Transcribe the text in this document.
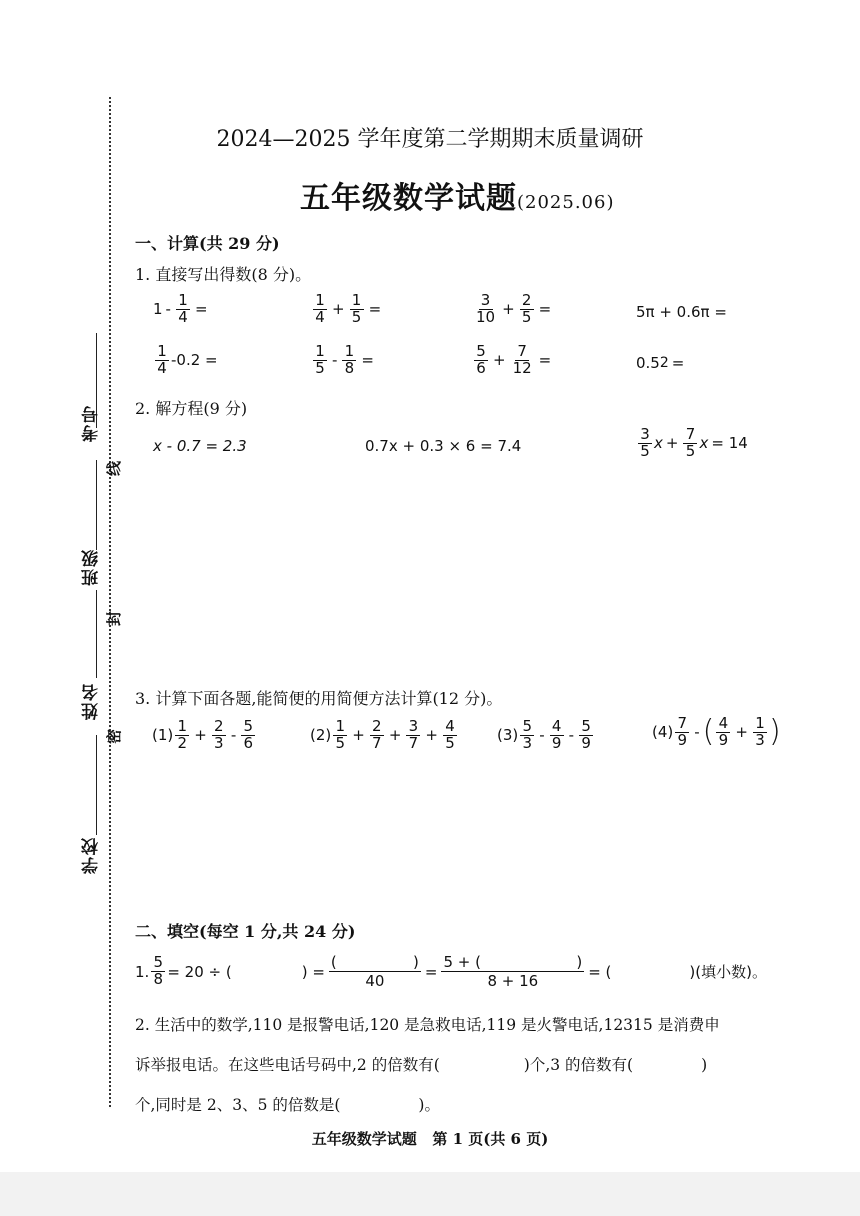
考号
线
班级
封
姓名
密
学校
2024—2025 学年度第二学期期末质量调研
五年级数学试题(2025.06)
一、计算(共 29 分)
1. 直接写出得数(8 分)。
$1 - \frac{1}{4}$ =	$\frac{1}{4} + \frac{1}{5}$ =	$\frac{3}{10} + \frac{2}{5}$ =	5π + 0.6π =
$\frac{1}{4} -0.2$ =	$\frac{1}{5} - \frac{1}{8}$ =	$\frac{5}{6} + \frac{7}{12}$ =	0.5 2 =
2. 解方程(9 分)
x - 0.7 = 2.3	0.7x + 0.3 × 6 = 7.4	$\frac{3}{5}$ $x + \frac{7}{5}$ x = 14
3. 计算下面各题,能简便的用简便方法计算(12 分)。
$(1) \frac{1}{2} + \frac{2}{3} - \frac{5}{6}$	$(2) \frac{1}{5} + \frac{2}{7} + \frac{3}{7} + \frac{4}{5}$	$(3) \frac{5}{3} - \frac{4}{9} - \frac{5}{9}$	$(4) \frac{7}{9}$ - ( $\frac{4}{9} + \frac{1}{3}$ )
二、填空(每空 1 分,共 24 分)
1. $\frac{5}{8} = 20$ ÷ (	) = $\frac{( )}{40} = \frac{5 + ( )}{8 + 16}$ = (	)(填小数)。
2. 生活中的数学,110 是报警电话,120 是急救电话,119 是火警电话,12315 是消费申
诉举报电话。在这些电话号码中,2 的倍数有(	)个,3 的倍数有(	)
个,同时是 2、3、5 的倍数是(	)。
五年级数学试题   第 1 页(共 6 页)
